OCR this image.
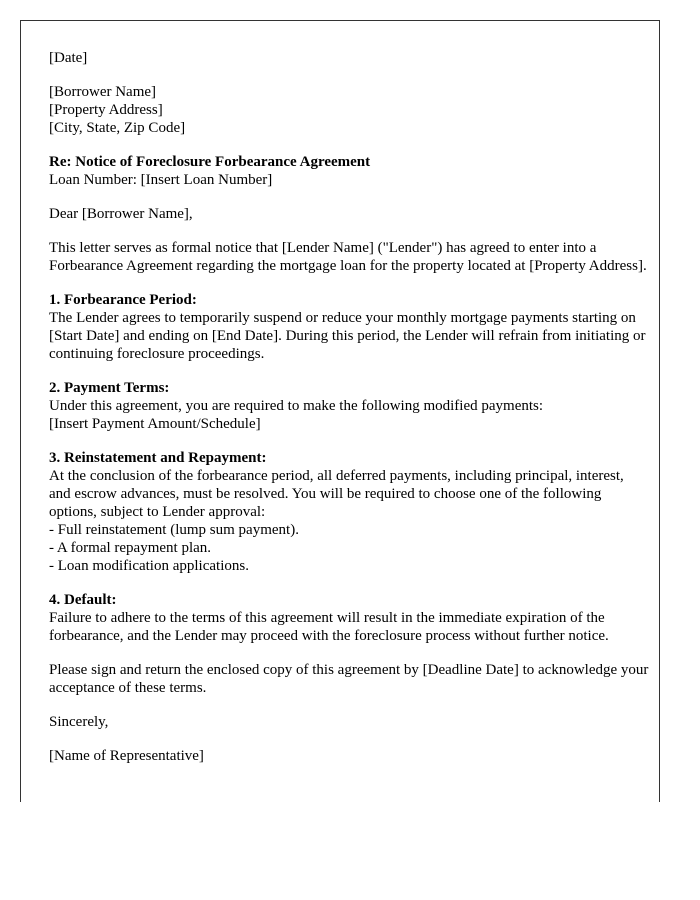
[Date]

[Borrower Name]
[Property Address]
[City, State, Zip Code]

Re: Notice of Foreclosure Forbearance Agreement
Loan Number: [Insert Loan Number]

Dear [Borrower Name],

This letter serves as formal notice that [Lender Name] ("Lender") has agreed to enter into a Forbearance Agreement regarding the mortgage loan for the property located at [Property Address].

1. Forbearance Period:
The Lender agrees to temporarily suspend or reduce your monthly mortgage payments starting on [Start Date] and ending on [End Date]. During this period, the Lender will refrain from initiating or continuing foreclosure proceedings.

2. Payment Terms:
Under this agreement, you are required to make the following modified payments:
[Insert Payment Amount/Schedule]

3. Reinstatement and Repayment:
At the conclusion of the forbearance period, all deferred payments, including principal, interest, and escrow advances, must be resolved. You will be required to choose one of the following options, subject to Lender approval:
- Full reinstatement (lump sum payment).
- A formal repayment plan.
- Loan modification applications.

4. Default:
Failure to adhere to the terms of this agreement will result in the immediate expiration of the forbearance, and the Lender may proceed with the foreclosure process without further notice.

Please sign and return the enclosed copy of this agreement by [Deadline Date] to acknowledge your acceptance of these terms.

Sincerely,

[Name of Representative]
